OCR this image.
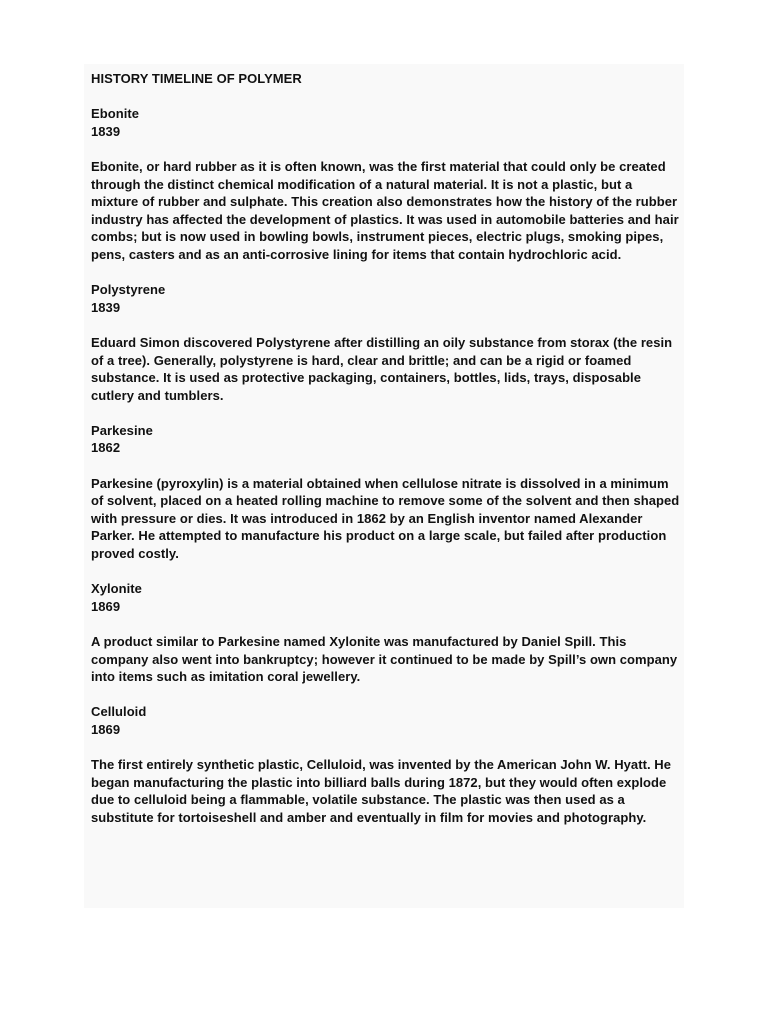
HISTORY TIMELINE OF POLYMER
Ebonite
1839

Ebonite, or hard rubber as it is often known, was the first material that could only be created through the distinct chemical modification of a natural material. It is not a plastic, but a mixture of rubber and sulphate. This creation also demonstrates how the history of the rubber industry has affected the development of plastics. It was used in automobile batteries and hair combs; but is now used in bowling bowls, instrument pieces, electric plugs, smoking pipes, pens, casters and as an anti-corrosive lining for items that contain hydrochloric acid.

Polystyrene
1839

Eduard Simon discovered Polystyrene after distilling an oily substance from storax (the resin of a tree). Generally, polystyrene is hard, clear and brittle; and can be a rigid or foamed substance. It is used as protective packaging, containers, bottles, lids, trays, disposable cutlery and tumblers.

Parkesine
1862

Parkesine (pyroxylin) is a material obtained when cellulose nitrate is dissolved in a minimum of solvent, placed on a heated rolling machine to remove some of the solvent and then shaped with pressure or dies. It was introduced in 1862 by an English inventor named Alexander Parker. He attempted to manufacture his product on a large scale, but failed after production proved costly.

Xylonite
1869

A product similar to Parkesine named Xylonite was manufactured by Daniel Spill. This company also went into bankruptcy; however it continued to be made by Spill’s own company into items such as imitation coral jewellery.

Celluloid
1869

The first entirely synthetic plastic, Celluloid, was invented by the American John W. Hyatt. He began manufacturing the plastic into billiard balls during 1872, but they would often explode due to celluloid being a flammable, volatile substance. The plastic was then used as a substitute for tortoiseshell and amber and eventually in film for movies and photography.
